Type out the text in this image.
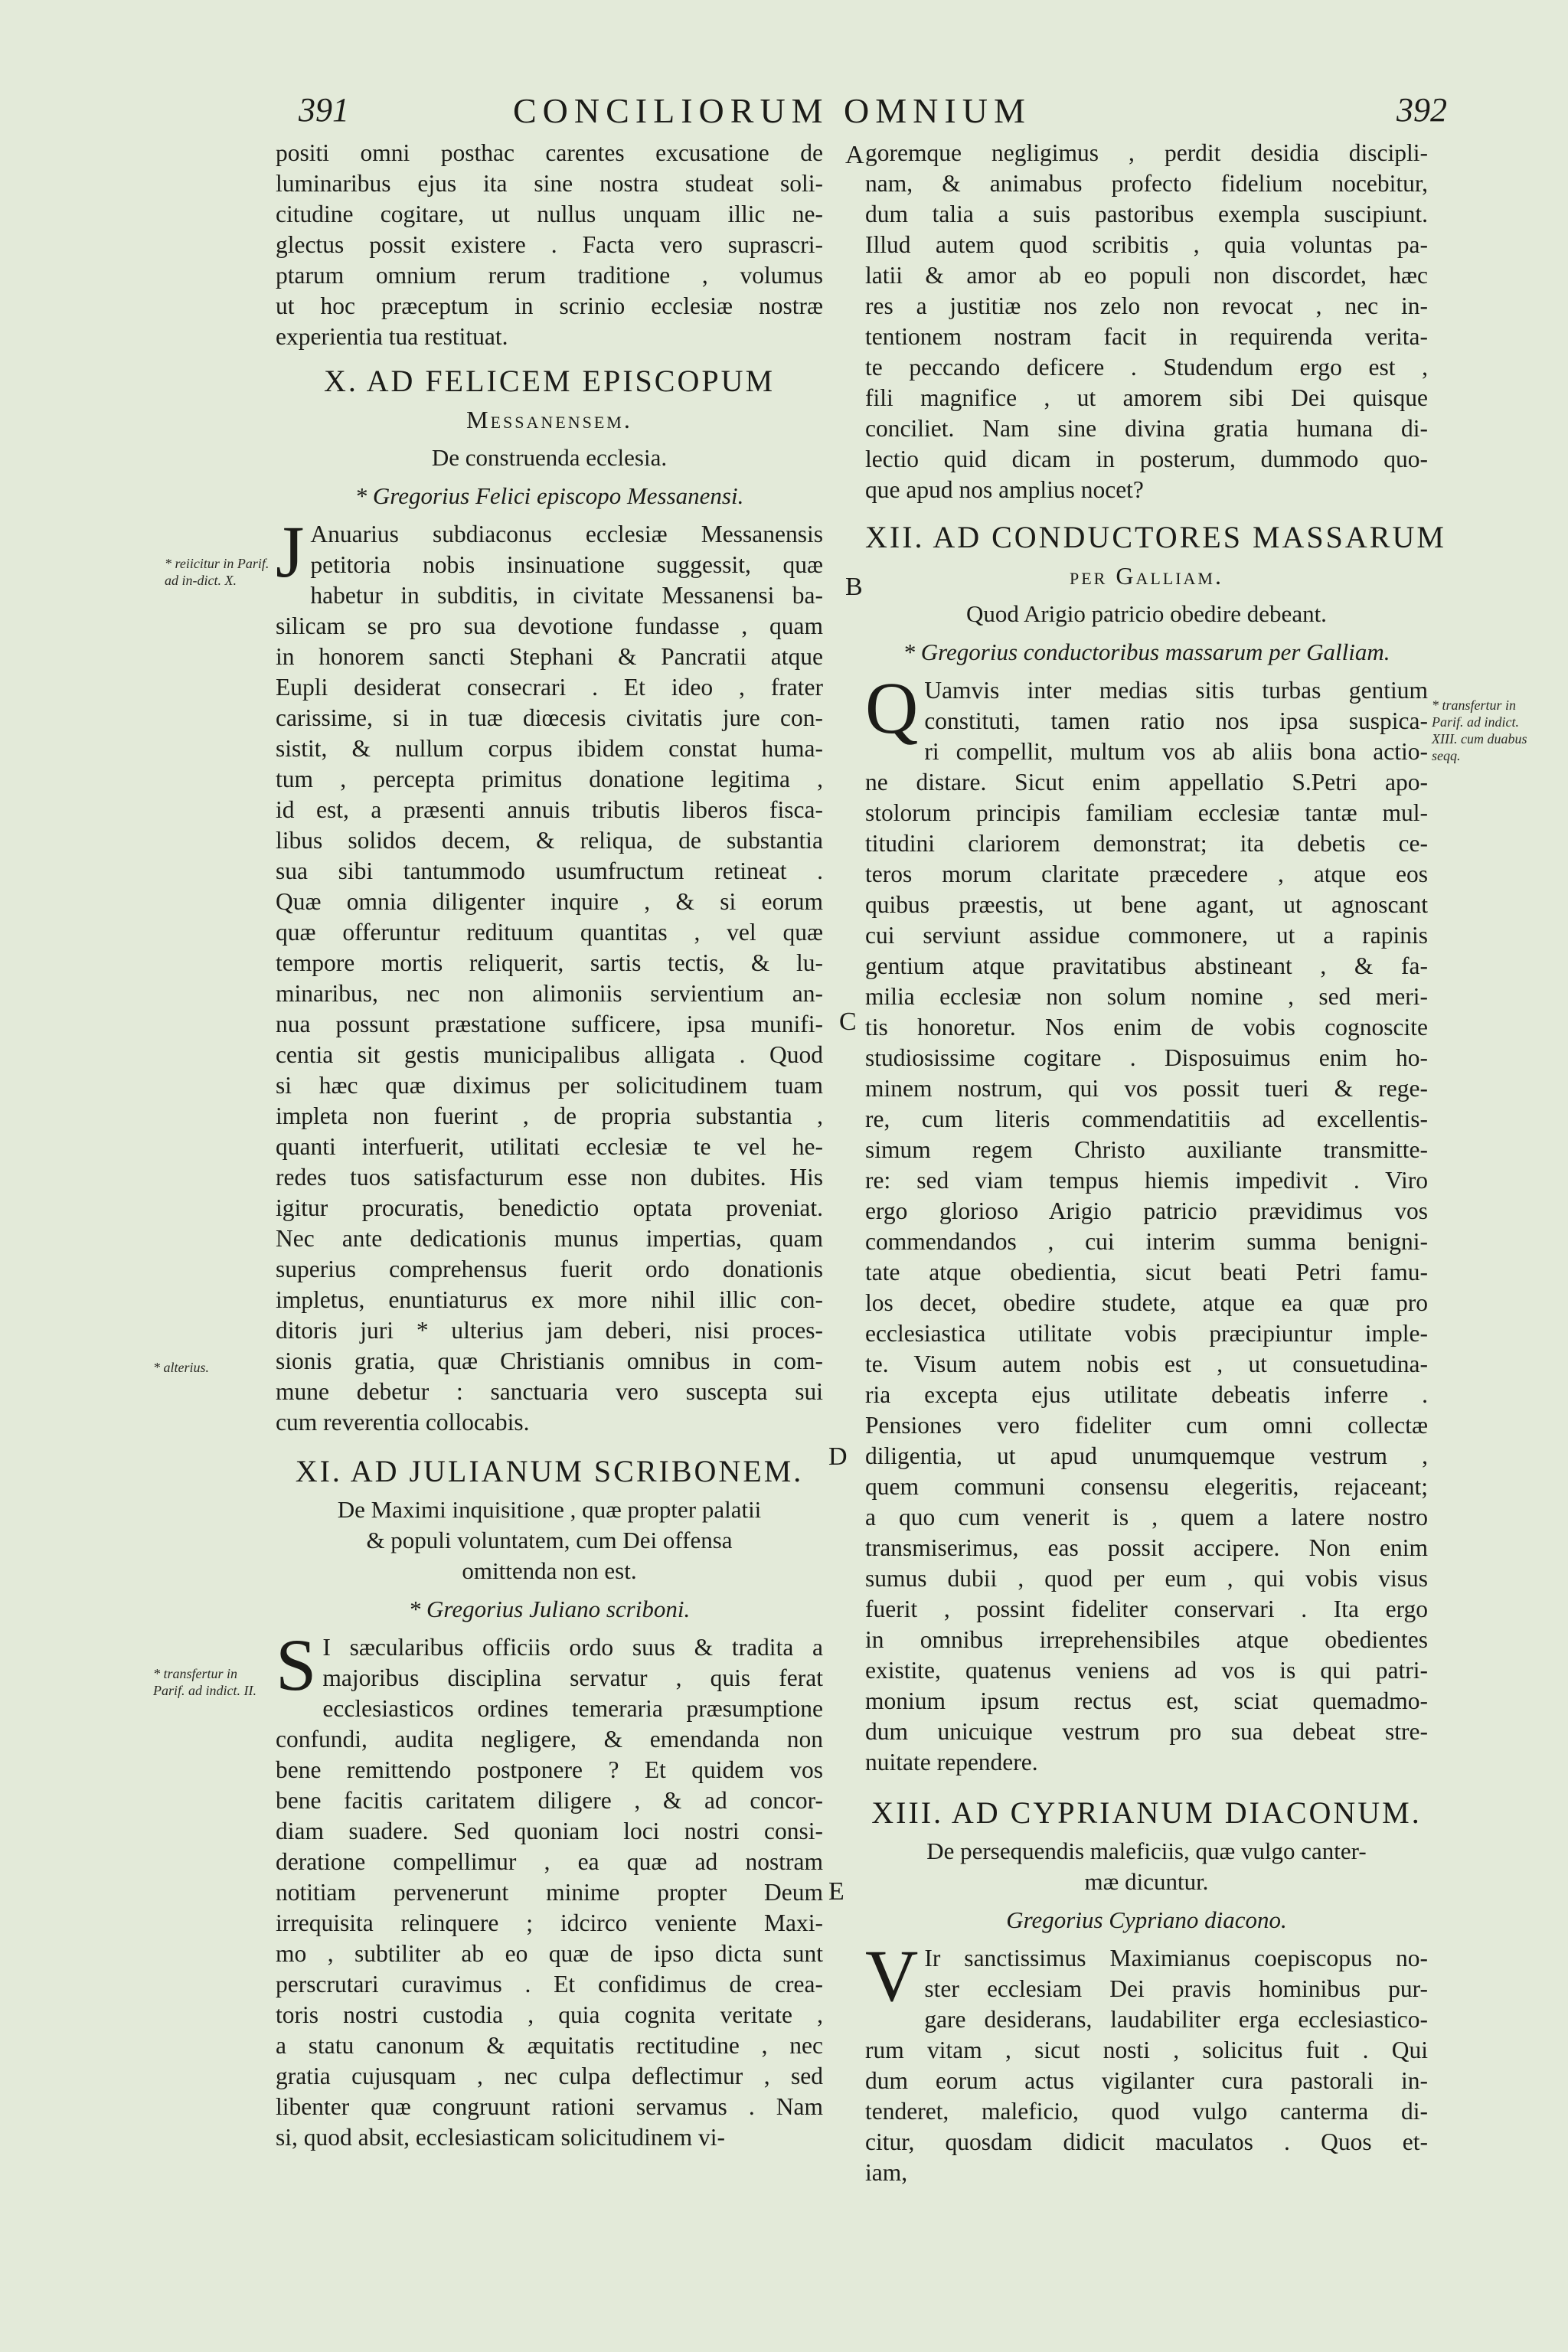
391	CONCILIORUM OMNIUM	392
* reiicitur in Parif. ad in-dict. X.
* alterius.
* transfertur in Parif. ad indict. II.
* transfertur in Parif. ad indict. XIII. cum duabus seqq.
A
B
C
D
E
positi omni posthac carentes excusatione de
luminaribus ejus ita sine nostra studeat soli-
citudine cogitare, ut nullus unquam illic ne-
glectus possit existere . Facta vero suprascri-
ptarum omnium rerum traditione , volumus
ut hoc præceptum in scrinio ecclesiæ nostræ
experientia tua restituat.
X. AD FELICEM EPISCOPUM
Messanensem.
De construenda ecclesia.
* Gregorius Felici episcopo Messanensi.
J Anuarius subdiaconus ecclesiæ Messanensis
petitoria nobis insinuatione suggessit, quæ
habetur in subditis, in civitate Messanensi ba-
silicam se pro sua devotione fundasse , quam
in honorem sancti Stephani & Pancratii atque
Eupli desiderat consecrari . Et ideo , frater
carissime, si in tuæ diœcesis civitatis jure con-
sistit, & nullum corpus ibidem constat huma-
tum , percepta primitus donatione legitima ,
id est, a præsenti annuis tributis liberos fisca-
libus solidos decem, & reliqua, de substantia
sua sibi tantummodo usumfructum retineat .
Quæ omnia diligenter inquire , & si eorum
quæ offeruntur redituum quantitas , vel quæ
tempore mortis reliquerit, sartis tectis, & lu-
minaribus, nec non alimoniis servientium an-
nua possunt præstatione sufficere, ipsa munifi-
centia sit gestis municipalibus alligata . Quod
si hæc quæ diximus per solicitudinem tuam
impleta non fuerint , de propria substantia ,
quanti interfuerit, utilitati ecclesiæ te vel he-
redes tuos satisfacturum esse non dubites. His
igitur procuratis, benedictio optata proveniat.
Nec ante dedicationis munus impertias, quam
superius comprehensus fuerit ordo donationis
impletus, enuntiaturus ex more nihil illic con-
ditoris juri * ulterius jam deberi, nisi proces-
sionis gratia, quæ Christianis omnibus in com-
mune debetur : sanctuaria vero suscepta sui
cum reverentia collocabis.
XI. AD JULIANUM SCRIBONEM.
De Maximi inquisitione , quæ propter palatii
& populi voluntatem, cum Dei offensa
omittenda non est.
* Gregorius Juliano scriboni.
S I sæcularibus officiis ordo suus & tradita a
majoribus disciplina servatur , quis ferat
ecclesiasticos ordines temeraria præsumptione
confundi, audita negligere, & emendanda non
bene remittendo postponere ? Et quidem vos
bene facitis caritatem diligere , & ad concor-
diam suadere. Sed quoniam loci nostri consi-
deratione compellimur , ea quæ ad nostram
notitiam pervenerunt minime propter Deum
irrequisita relinquere ; idcirco veniente Maxi-
mo , subtiliter ab eo quæ de ipso dicta sunt
perscrutari curavimus . Et confidimus de crea-
toris nostri custodia , quia cognita veritate ,
a statu canonum & æquitatis rectitudine , nec
gratia cujusquam , nec culpa deflectimur , sed
libenter quæ congruunt rationi servamus . Nam
si, quod absit, ecclesiasticam solicitudinem vi-
goremque negligimus , perdit desidia discipli-
nam, & animabus profecto fidelium nocebitur,
dum talia a suis pastoribus exempla suscipiunt.
Illud autem quod scribitis , quia voluntas pa-
latii & amor ab eo populi non discordet, hæc
res a justitiæ nos zelo non revocat , nec in-
tentionem nostram facit in requirenda verita-
te peccando deficere . Studendum ergo est ,
fili magnifice , ut amorem sibi Dei quisque
conciliet. Nam sine divina gratia humana di-
lectio quid dicam in posterum, dummodo quo-
que apud nos amplius nocet?
XII. AD CONDUCTORES MASSARUM
per Galliam.
Quod Arigio patricio obedire debeant.
* Gregorius conductoribus massarum per Galliam.
Q Uamvis inter medias sitis turbas gentium
constituti, tamen ratio nos ipsa suspica-
ri compellit, multum vos ab aliis bona actio-
ne distare. Sicut enim appellatio S.Petri apo-
stolorum principis familiam ecclesiæ tantæ mul-
titudini clariorem demonstrat; ita debetis ce-
teros morum claritate præcedere , atque eos
quibus præestis, ut bene agant, ut agnoscant
cui serviunt assidue commonere, ut a rapinis
gentium atque pravitatibus abstineant , & fa-
milia ecclesiæ non solum nomine , sed meri-
tis honoretur. Nos enim de vobis cognoscite
studiosissime cogitare . Disposuimus enim ho-
minem nostrum, qui vos possit tueri & rege-
re, cum literis commendatitiis ad excellentis-
simum regem Christo auxiliante transmitte-
re: sed viam tempus hiemis impedivit . Viro
ergo glorioso Arigio patricio prævidimus vos
commendandos , cui interim summa benigni-
tate atque obedientia, sicut beati Petri famu-
los decet, obedire studete, atque ea quæ pro
ecclesiastica utilitate vobis præcipiuntur imple-
te. Visum autem nobis est , ut consuetudina-
ria excepta ejus utilitate debeatis inferre .
Pensiones vero fideliter cum omni collectæ
diligentia, ut apud unumquemque vestrum ,
quem communi consensu elegeritis, rejaceant;
a quo cum venerit is , quem a latere nostro
transmiserimus, eas possit accipere. Non enim
sumus dubii , quod per eum , qui vobis visus
fuerit , possint fideliter conservari . Ita ergo
in omnibus irreprehensibiles atque obedientes
existite, quatenus veniens ad vos is qui patri-
monium ipsum rectus est, sciat quemadmo-
dum unicuique vestrum pro sua debeat stre-
nuitate rependere.
XIII. AD CYPRIANUM DIACONUM.
De persequendis maleficiis, quæ vulgo canter-
mæ dicuntur.
Gregorius Cypriano diacono.
V Ir sanctissimus Maximianus coepiscopus no-
ster ecclesiam Dei pravis hominibus pur-
gare desiderans, laudabiliter erga ecclesiastico-
rum vitam , sicut nosti , solicitus fuit . Qui
dum eorum actus vigilanter cura pastorali in-
tenderet, maleficio, quod vulgo canterma di-
citur, quosdam didicit maculatos . Quos et-
iam,
